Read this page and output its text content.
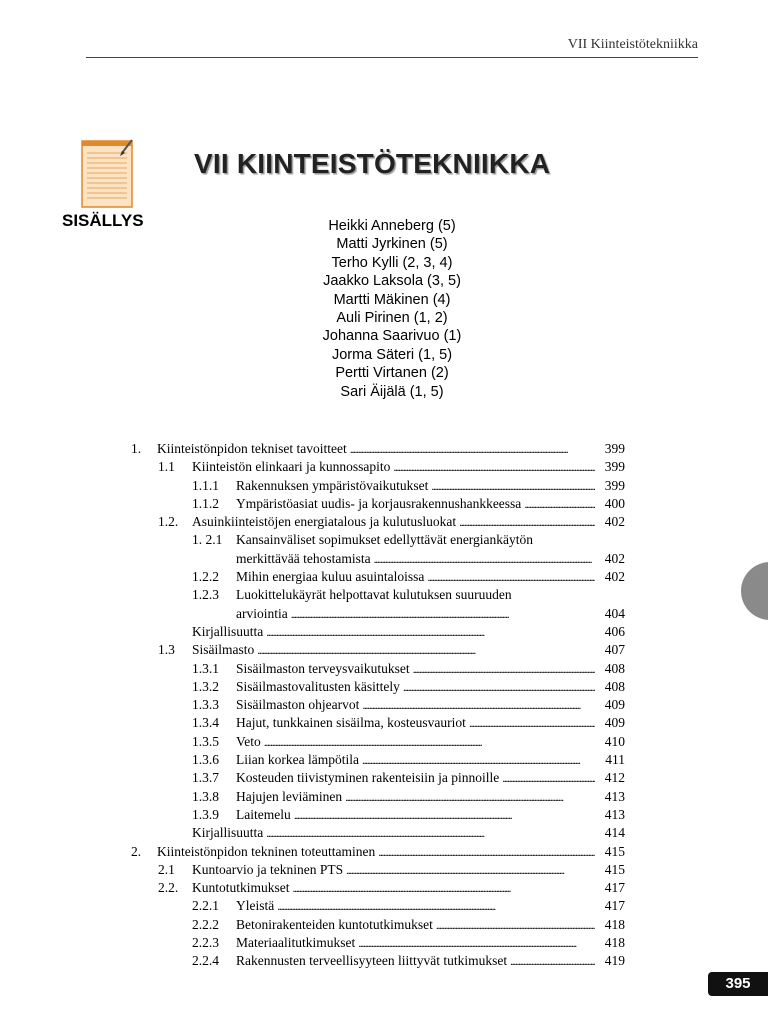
VII Kiinteistötekniikka
VII KIINTEISTÖTEKNIIKKA
SISÄLLYS	Heikki Anneberg (5)
Matti Jyrkinen (5)
Terho Kylli (2, 3, 4)
Jaakko Laksola (3, 5)
Martti Mäkinen (4)
Auli Pirinen (1, 2)
Johanna Saarivuo (1)
Jorma Säteri (1, 5)
Pertti Virtanen (2)
Sari Äijälä (1, 5)
1. Kiinteistönpidon tekniset tavoitteet . . .	399
1.1 Kiinteistön elinkaari ja kunnossapito . . .	399
1.1.1 Rakennuksen ympäristövaikutukset . . .	399
1.1.2 Ympäristöasiat uudis- ja korjausrakennushankkeessa . . .	400
1.2. Asuinkiinteistöjen energiatalous ja kulutusluokat . . .	402
1. 2.1 Kansainväliset sopimukset edellyttävät energiankäytön
merkittävää tehostamista . . .	402
1.2.2 Mihin energiaa kuluu asuintaloissa . . .	402
1.2.3 Luokittelukäyrät helpottavat kulutuksen suuruuden
arviointia . . .	404
Kirjallisuutta . . .	406
1.3 Sisäilmasto . . .	407
1.3.1 Sisäilmaston terveysvaikutukset . . .	408
1.3.2 Sisäilmastovalitusten käsittely . . .	408
1.3.3 Sisäilmaston ohjearvot . . .	409
1.3.4 Hajut, tunkkainen sisäilma, kosteusvauriot . . .	409
1.3.5 Veto . . .	410
1.3.6 Liian korkea lämpötila . . .	411
1.3.7 Kosteuden tiivistyminen rakenteisiin ja pinnoille . . .	412
1.3.8 Hajujen leviäminen . . .	413
1.3.9 Laitemelu . . .	413
Kirjallisuutta . . .	414
2. Kiinteistönpidon tekninen toteuttaminen . . .	415
2.1 Kuntoarvio ja tekninen PTS . . .	415
2.2. Kuntotutkimukset . . .	417
2.2.1 Yleistä . . .	417
2.2.2 Betonirakenteiden kuntotutkimukset . . .	418
2.2.3 Materiaalitutkimukset . . .	418
2.2.4 Rakennusten terveellisyyteen liittyvät tutkimukset . . .	419
395
